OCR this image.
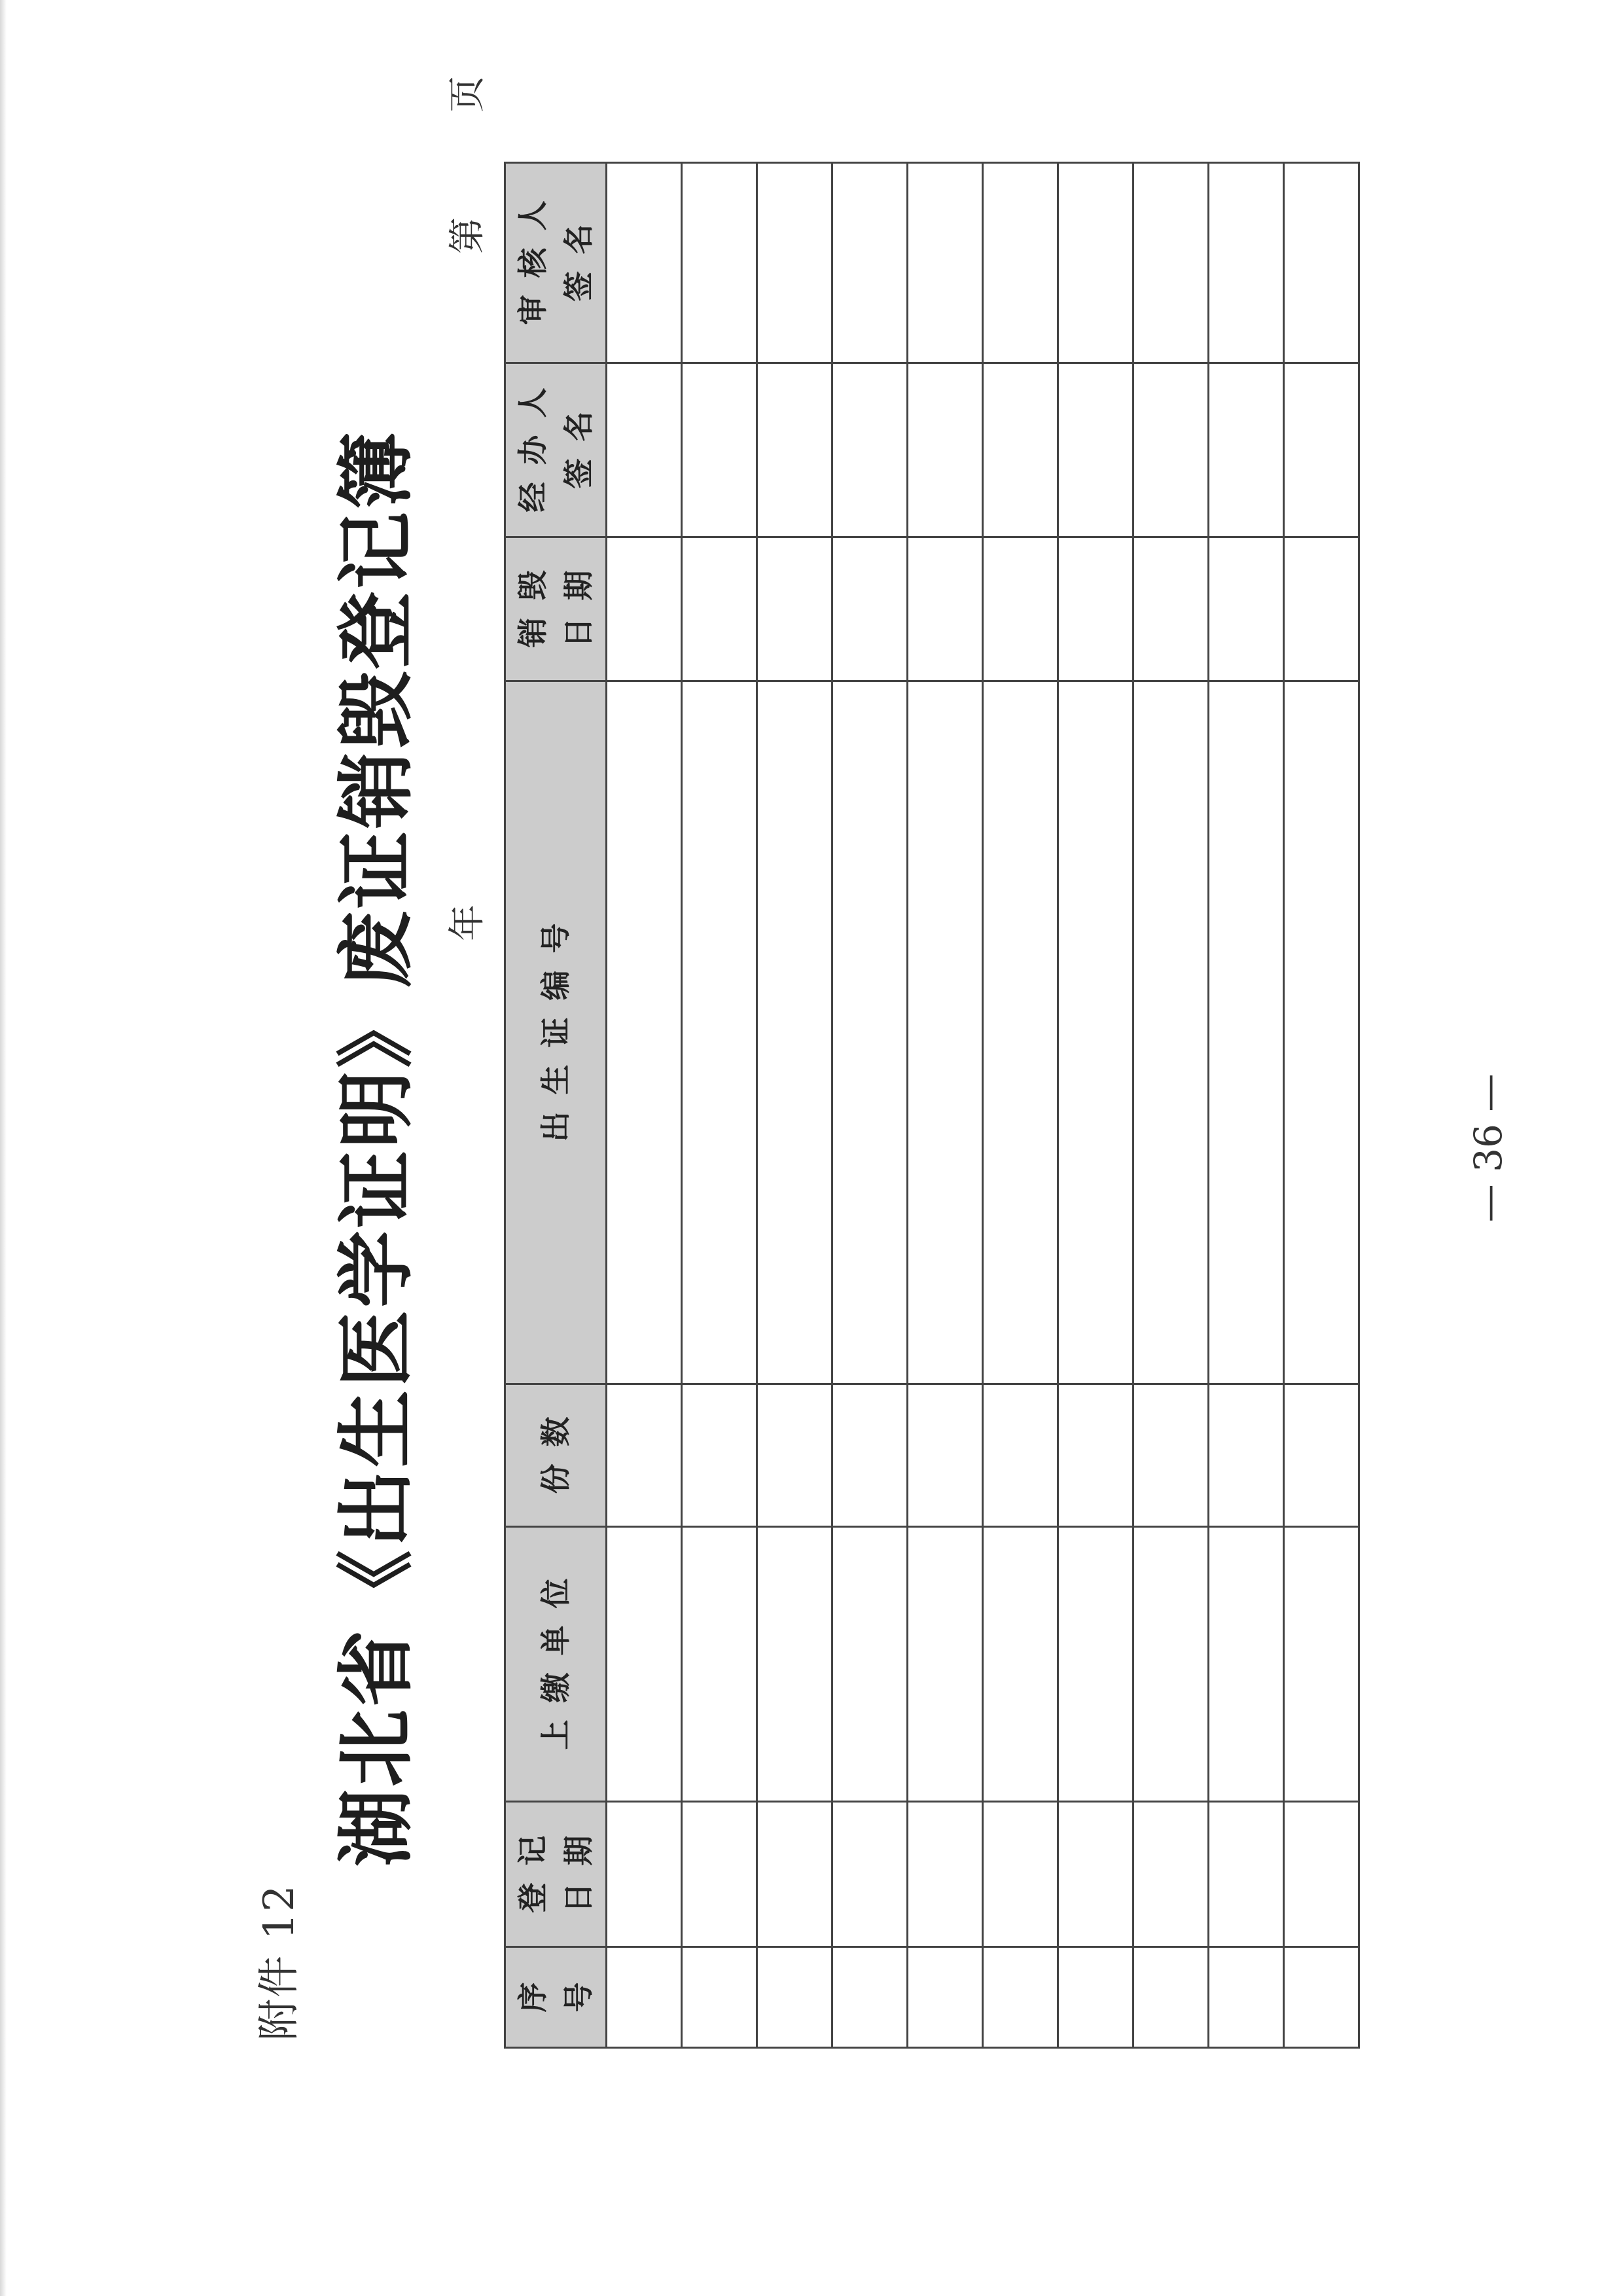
附件 12
湖北省《出生医学证明》废证销毁登记簿 年
第页
序号	登记 日期	上缴单位	份数	出生证编号	销毁 日期	经办人 签名	审核人 签名

— 36 —
